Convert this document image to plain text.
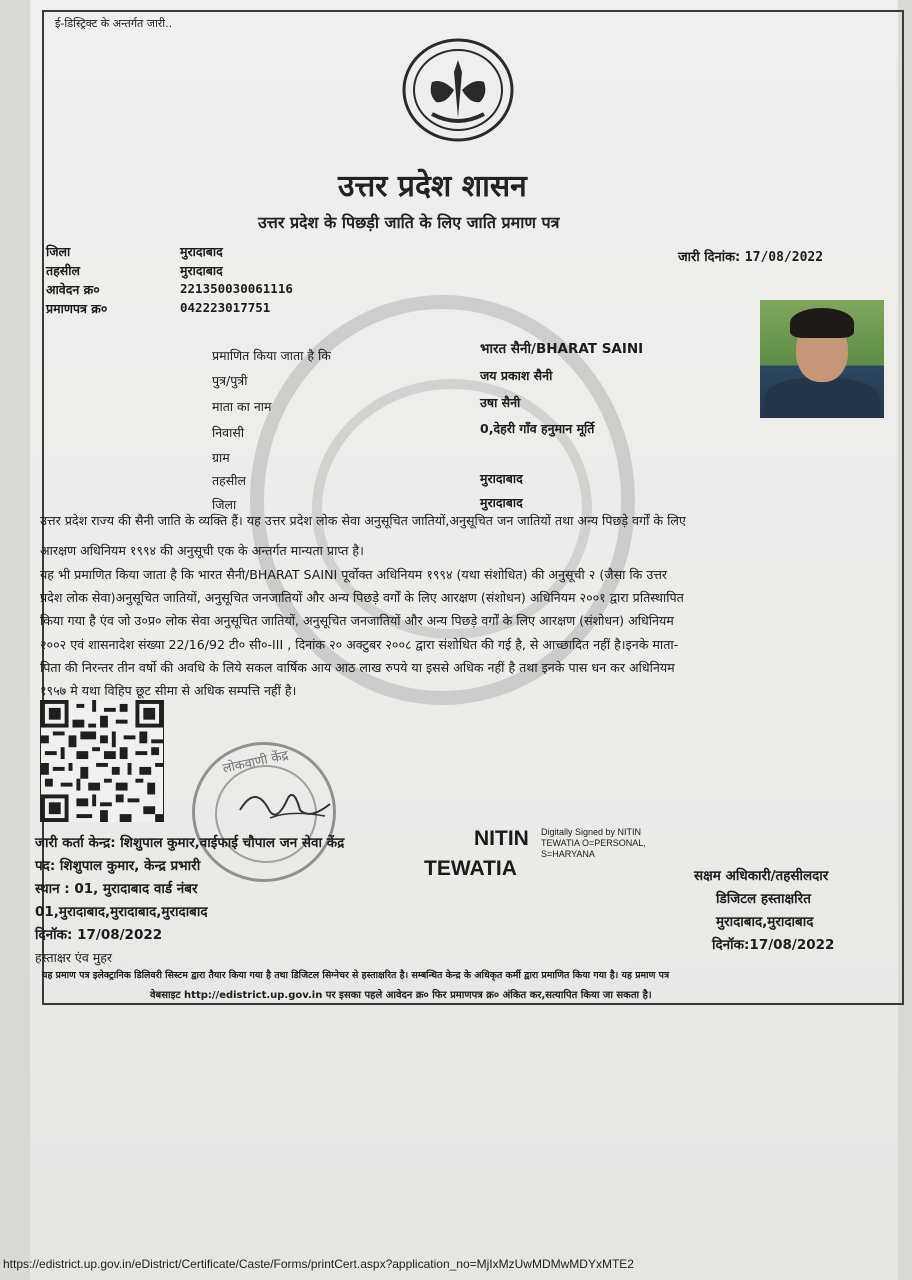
ई-डिस्ट्रिक्ट के अन्तर्गत जारी..
उत्तर प्रदेश शासन
उत्तर प्रदेश के पिछड़ी जाति के लिए जाति प्रमाण पत्र
जारी दिनांक: 17/08/2022
जिला	मुरादाबाद
तहसील	मुरादाबाद
आवेदन क्र०	221350030061116
प्रमाणपत्र क्र०	042223017751
प्रमाणित किया जाता है कि	भारत सैनी/BHARAT SAINI
पुत्र/पुत्री	जय प्रकाश सैनी
माता का नाम	उषा सैनी
निवासी	0,देहरी गाँव हनुमान मूर्ति
ग्राम
तहसील	मुरादाबाद
जिला	मुरादाबाद
उत्तर प्रदेश राज्य की सैनी जाति के व्यक्ति हैं। यह उत्तर प्रदेश लोक सेवा अनुसूचित जातियों,अनुसूचित जन जातियों तथा अन्य पिछड़े वर्गों के लिए
आरक्षण अधिनियम १९९४ की अनुसूची एक के अन्तर्गत मान्यता प्राप्त है।
यह भी प्रमाणित किया जाता है कि भारत सैनी/BHARAT SAINI पूर्वोक्त अधिनियम १९९४ (यथा संशोधित) की अनुसूची २ (जैसा कि उत्तर
प्रदेश लोक सेवा)अनुसूचित जातियों, अनुसूचित जनजातियों और अन्य पिछड़े वर्गों के लिए आरक्षण (संशोधन) अधिनियम २००१ द्वारा प्रतिस्थापित
किया गया है एंव जो उ०प्र० लोक सेवा अनुसूचित जातियों, अनुसूचित जनजातियों और अन्य पिछड़े वर्गों के लिए आरक्षण (संशोधन) अधिनियम
२००२ एवं शासनादेश संख्या 22/16/92 टी० सी०-III , दिनांक २० अक्टुबर २००८ द्वारा संशोधित की गई है, से आच्छादित नहीं है।इनके माता-
पिता की निरन्तर तीन वर्षो की अवधि के लिये सकल वार्षिक आय आठ लाख रुपये या इससे अधिक नहीं है तथा इनके पास धन कर अधिनियम
१९५७ मे यथा विहिप छूट सीमा से अधिक सम्पत्ति नहीं है।
लोकवाणी केंद्र
जारी कर्ता केन्द्र: शिशुपाल कुमार,वाईफाई चौपाल जन सेवा केंद्र
पद: शिशुपाल कुमार, केन्द्र प्रभारी
स्थान : 01, मुरादाबाद वार्ड नंबर
01,मुरादाबाद,मुरादाबाद,मुरादाबाद
दिनॉक: 17/08/2022
हस्ताक्षर एंव मुहर
NITIN
TEWATIA
Digitally Signed by NITIN
TEWATIA O=PERSONAL,
S=HARYANA
सक्षम अधिकारी/तहसीलदार
डिजिटल हस्ताक्षरित
मुरादाबाद,मुरादाबाद
दिनॉक:17/08/2022
यह प्रमाण पत्र इलेक्ट्रानिक डिलिवरी सिस्टम द्वारा तैयार किया गया है तथा डिजिटल सिग्नेचर से हस्ताक्षरित है। सम्बन्धित केन्द्र के अधिकृत कर्मी द्वारा प्रमाणित किया गया है। यह प्रमाण पत्र
वेबसाइट http://edistrict.up.gov.in पर इसका पहले आवेदन क्र० फिर प्रमाणपत्र क्र० अंकित कर,सत्यापित किया जा सकता है।
https://edistrict.up.gov.in/eDistrict/Certificate/Caste/Forms/printCert.aspx?application_no=MjIxMzUwMDMwMDYxMTE2
